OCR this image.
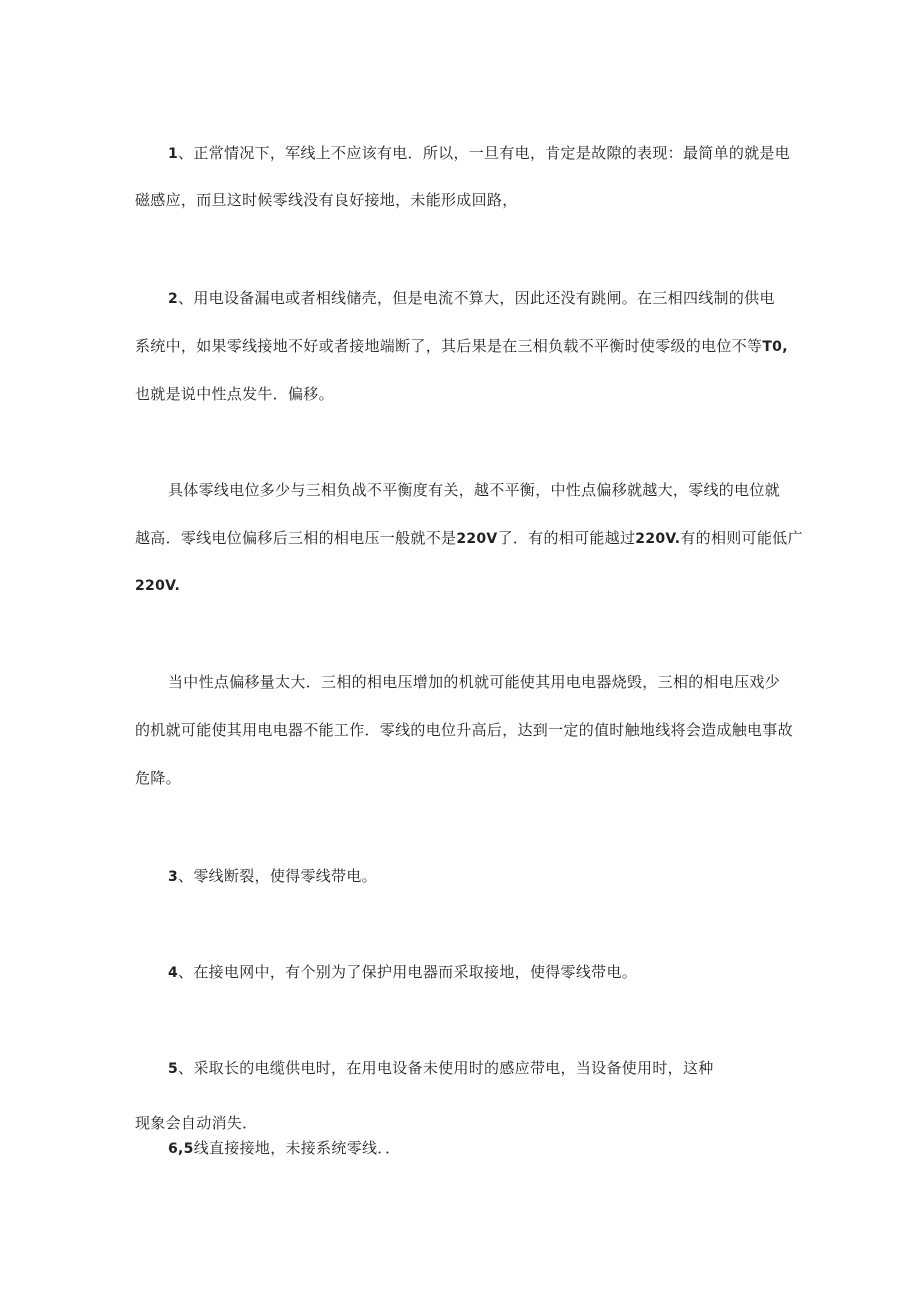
1、正常情况下，军线上不应该有电．所以，一旦有电，肯定是故隙的表现：最简单的就是电
磁感应，而旦这时候零线没有良好接地，未能形成回路，
2、用电设备漏电或者相线储壳，但是电流不算大，因此还没有跳闸。在三相四线制的供电
系统中，如果零线接地不好或者接地端断了，其后果是在三相负载不平衡时使零级的电位不等T0,
也就是说中性点发牛．偏移。
具体零线电位多少与三相负战不平衡度有关，越不平衡，中性点偏移就越大，零线的电位就
越高．零线电位偏移后三相的相电压一般就不是220V了．有的相可能越过220V.有的相则可能低广
220V.
当中性点偏移量太大．三相的相电压增加的机就可能使其用电电器烧毁，三相的相电压戏少
的机就可能使其用电电器不能工作．零线的电位升高后，达到一定的值时触地线将会造成触电事故
危降。
3、零线断裂，使得零线带电。
4、在接电网中，有个别为了保护用电器而采取接地，使得零线带电。
5、采取长的电缆供电时，在用电设备未使用时的感应带电，当设备使用时，这种
现象会自动消失．
6,5线直接接地，未接系统零线．．
